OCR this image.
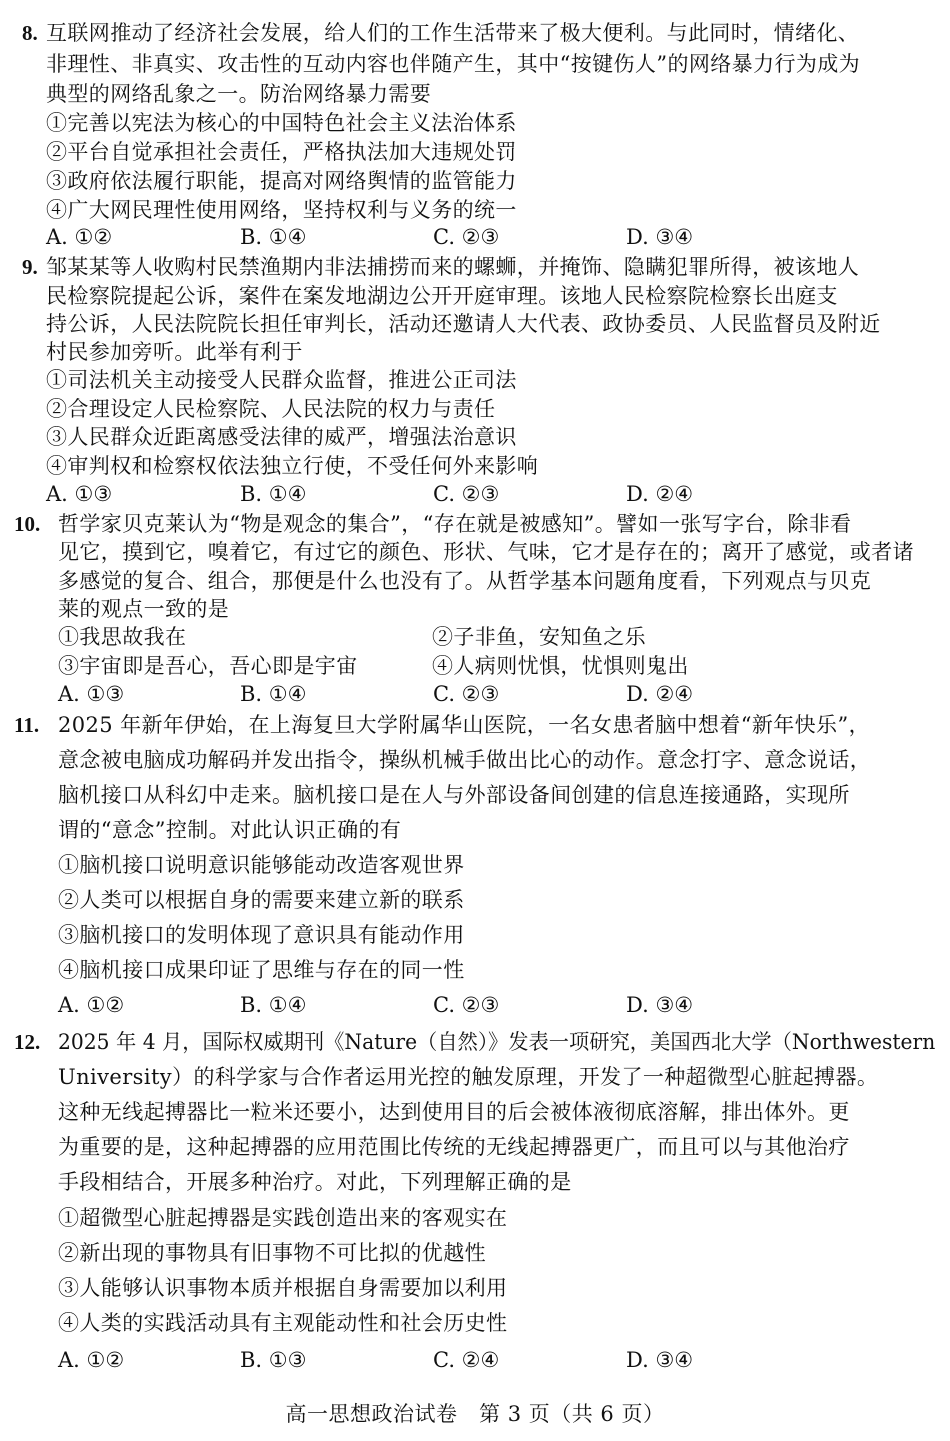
8. 互联网推动了经济社会发展，给人们的工作生活带来了极大便利。与此同时，情绪化、
非理性、非真实、攻击性的互动内容也伴随产生，其中“按键伤人”的网络暴力行为成为
典型的网络乱象之一。防治网络暴力需要
①完善以宪法为核心的中国特色社会主义法治体系
②平台自觉承担社会责任，严格执法加大违规处罚
③政府依法履行职能，提高对网络舆情的监管能力
④广大网民理性使用网络，坚持权利与义务的统一
A. ①②	B. ①④	C. ②③	D. ③④
9. 邹某某等人收购村民禁渔期内非法捕捞而来的螺蛳，并掩饰、隐瞒犯罪所得，被该地人
民检察院提起公诉，案件在案发地湖边公开开庭审理。该地人民检察院检察长出庭支
持公诉，人民法院院长担任审判长，活动还邀请人大代表、政协委员、人民监督员及附近
村民参加旁听。此举有利于
①司法机关主动接受人民群众监督，推进公正司法
②合理设定人民检察院、人民法院的权力与责任
③人民群众近距离感受法律的威严，增强法治意识
④审判权和检察权依法独立行使，不受任何外来影响
A. ①③	B. ①④	C. ②③	D. ②④
10. 哲学家贝克莱认为“物是观念的集合”，“存在就是被感知”。譬如一张写字台，除非看
见它，摸到它，嗅着它，有过它的颜色、形状、气味，它才是存在的；离开了感觉，或者诸
多感觉的复合、组合，那便是什么也没有了。从哲学基本问题角度看，下列观点与贝克
莱的观点一致的是
①我思故我在	②子非鱼，安知鱼之乐
③宇宙即是吾心，吾心即是宇宙	④人病则忧惧，忧惧则鬼出
A. ①③	B. ①④	C. ②③	D. ②④
11. 2025 年新年伊始，在上海复旦大学附属华山医院，一名女患者脑中想着“新年快乐”，
意念被电脑成功解码并发出指令，操纵机械手做出比心的动作。意念打字、意念说话，
脑机接口从科幻中走来。脑机接口是在人与外部设备间创建的信息连接通路，实现所
谓的“意念”控制。对此认识正确的有
①脑机接口说明意识能够能动改造客观世界
②人类可以根据自身的需要来建立新的联系
③脑机接口的发明体现了意识具有能动作用
④脑机接口成果印证了思维与存在的同一性
A. ①②	B. ①④	C. ②③	D. ③④
12. 2025 年 4 月，国际权威期刊《Nature（自然）》发表一项研究，美国西北大学（Northwestern
University）的科学家与合作者运用光控的触发原理，开发了一种超微型心脏起搏器。
这种无线起搏器比一粒米还要小，达到使用目的后会被体液彻底溶解，排出体外。更
为重要的是，这种起搏器的应用范围比传统的无线起搏器更广，而且可以与其他治疗
手段相结合，开展多种治疗。对此，下列理解正确的是
①超微型心脏起搏器是实践创造出来的客观实在
②新出现的事物具有旧事物不可比拟的优越性
③人能够认识事物本质并根据自身需要加以利用
④人类的实践活动具有主观能动性和社会历史性
A. ①②	B. ①③	C. ②④	D. ③④
高一思想政治试卷　第 3 页（共 6 页）
